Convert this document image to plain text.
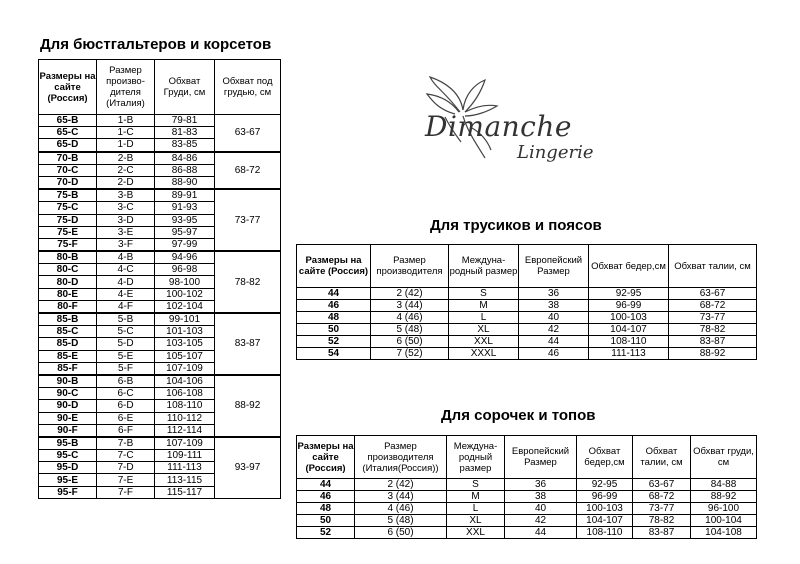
Для бюстгальтеров и корсетов
Размеры на сайте (Россия)	Размер произво-дителя (Италия)	Обхват Груди, см	Обхват под грудью, см
65-B	1-B	79-81	63-67
65-C	1-C	81-83	
65-D	1-D	83-85	
70-B	2-B	84-86	68-72
70-C	2-C	86-88	
70-D	2-D	88-90	
75-B	3-B	89-91	73-77
75-C	3-C	91-93	
75-D	3-D	93-95	
75-E	3-E	95-97	
75-F	3-F	97-99	
80-B	4-B	94-96	78-82
80-C	4-C	96-98	
80-D	4-D	98-100	
80-E	4-E	100-102	
80-F	4-F	102-104	
85-B	5-B	99-101	83-87
85-C	5-C	101-103	
85-D	5-D	103-105	
85-E	5-E	105-107	
85-F	5-F	107-109	
90-B	6-B	104-106	88-92
90-C	6-C	106-108	
90-D	6-D	108-110	
90-E	6-E	110-112	
90-F	6-F	112-114	
95-B	7-B	107-109	93-97
95-C	7-C	109-111	
95-D	7-D	111-113	
95-E	7-E	113-115	
95-F	7-F	115-117	
Dimanche
Lingerie
Для трусиков и поясов
Размеры на сайте (Россия)	Размер производителя	Междуна-родный размер	Европейский Размер	Обхват бедер,см	Обхват талии, см
44	2 (42)	S	36	92-95	63-67
46	3 (44)	M	38	96-99	68-72
48	4 (46)	L	40	100-103	73-77
50	5 (48)	XL	42	104-107	78-82
52	6 (50)	XXL	44	108-110	83-87
54	7 (52)	XXXL	46	111-113	88-92
Для сорочек и топов
Размеры на сайте (Россия)	Размер производителя (Италия(Россия))	Междуна-родный размер	Европейский Размер	Обхват бедер,см	Обхват талии, см	Обхват груди, см
44	2 (42)	S	36	92-95	63-67	84-88
46	3 (44)	M	38	96-99	68-72	88-92
48	4 (46)	L	40	100-103	73-77	96-100
50	5 (48)	XL	42	104-107	78-82	100-104
52	6 (50)	XXL	44	108-110	83-87	104-108
